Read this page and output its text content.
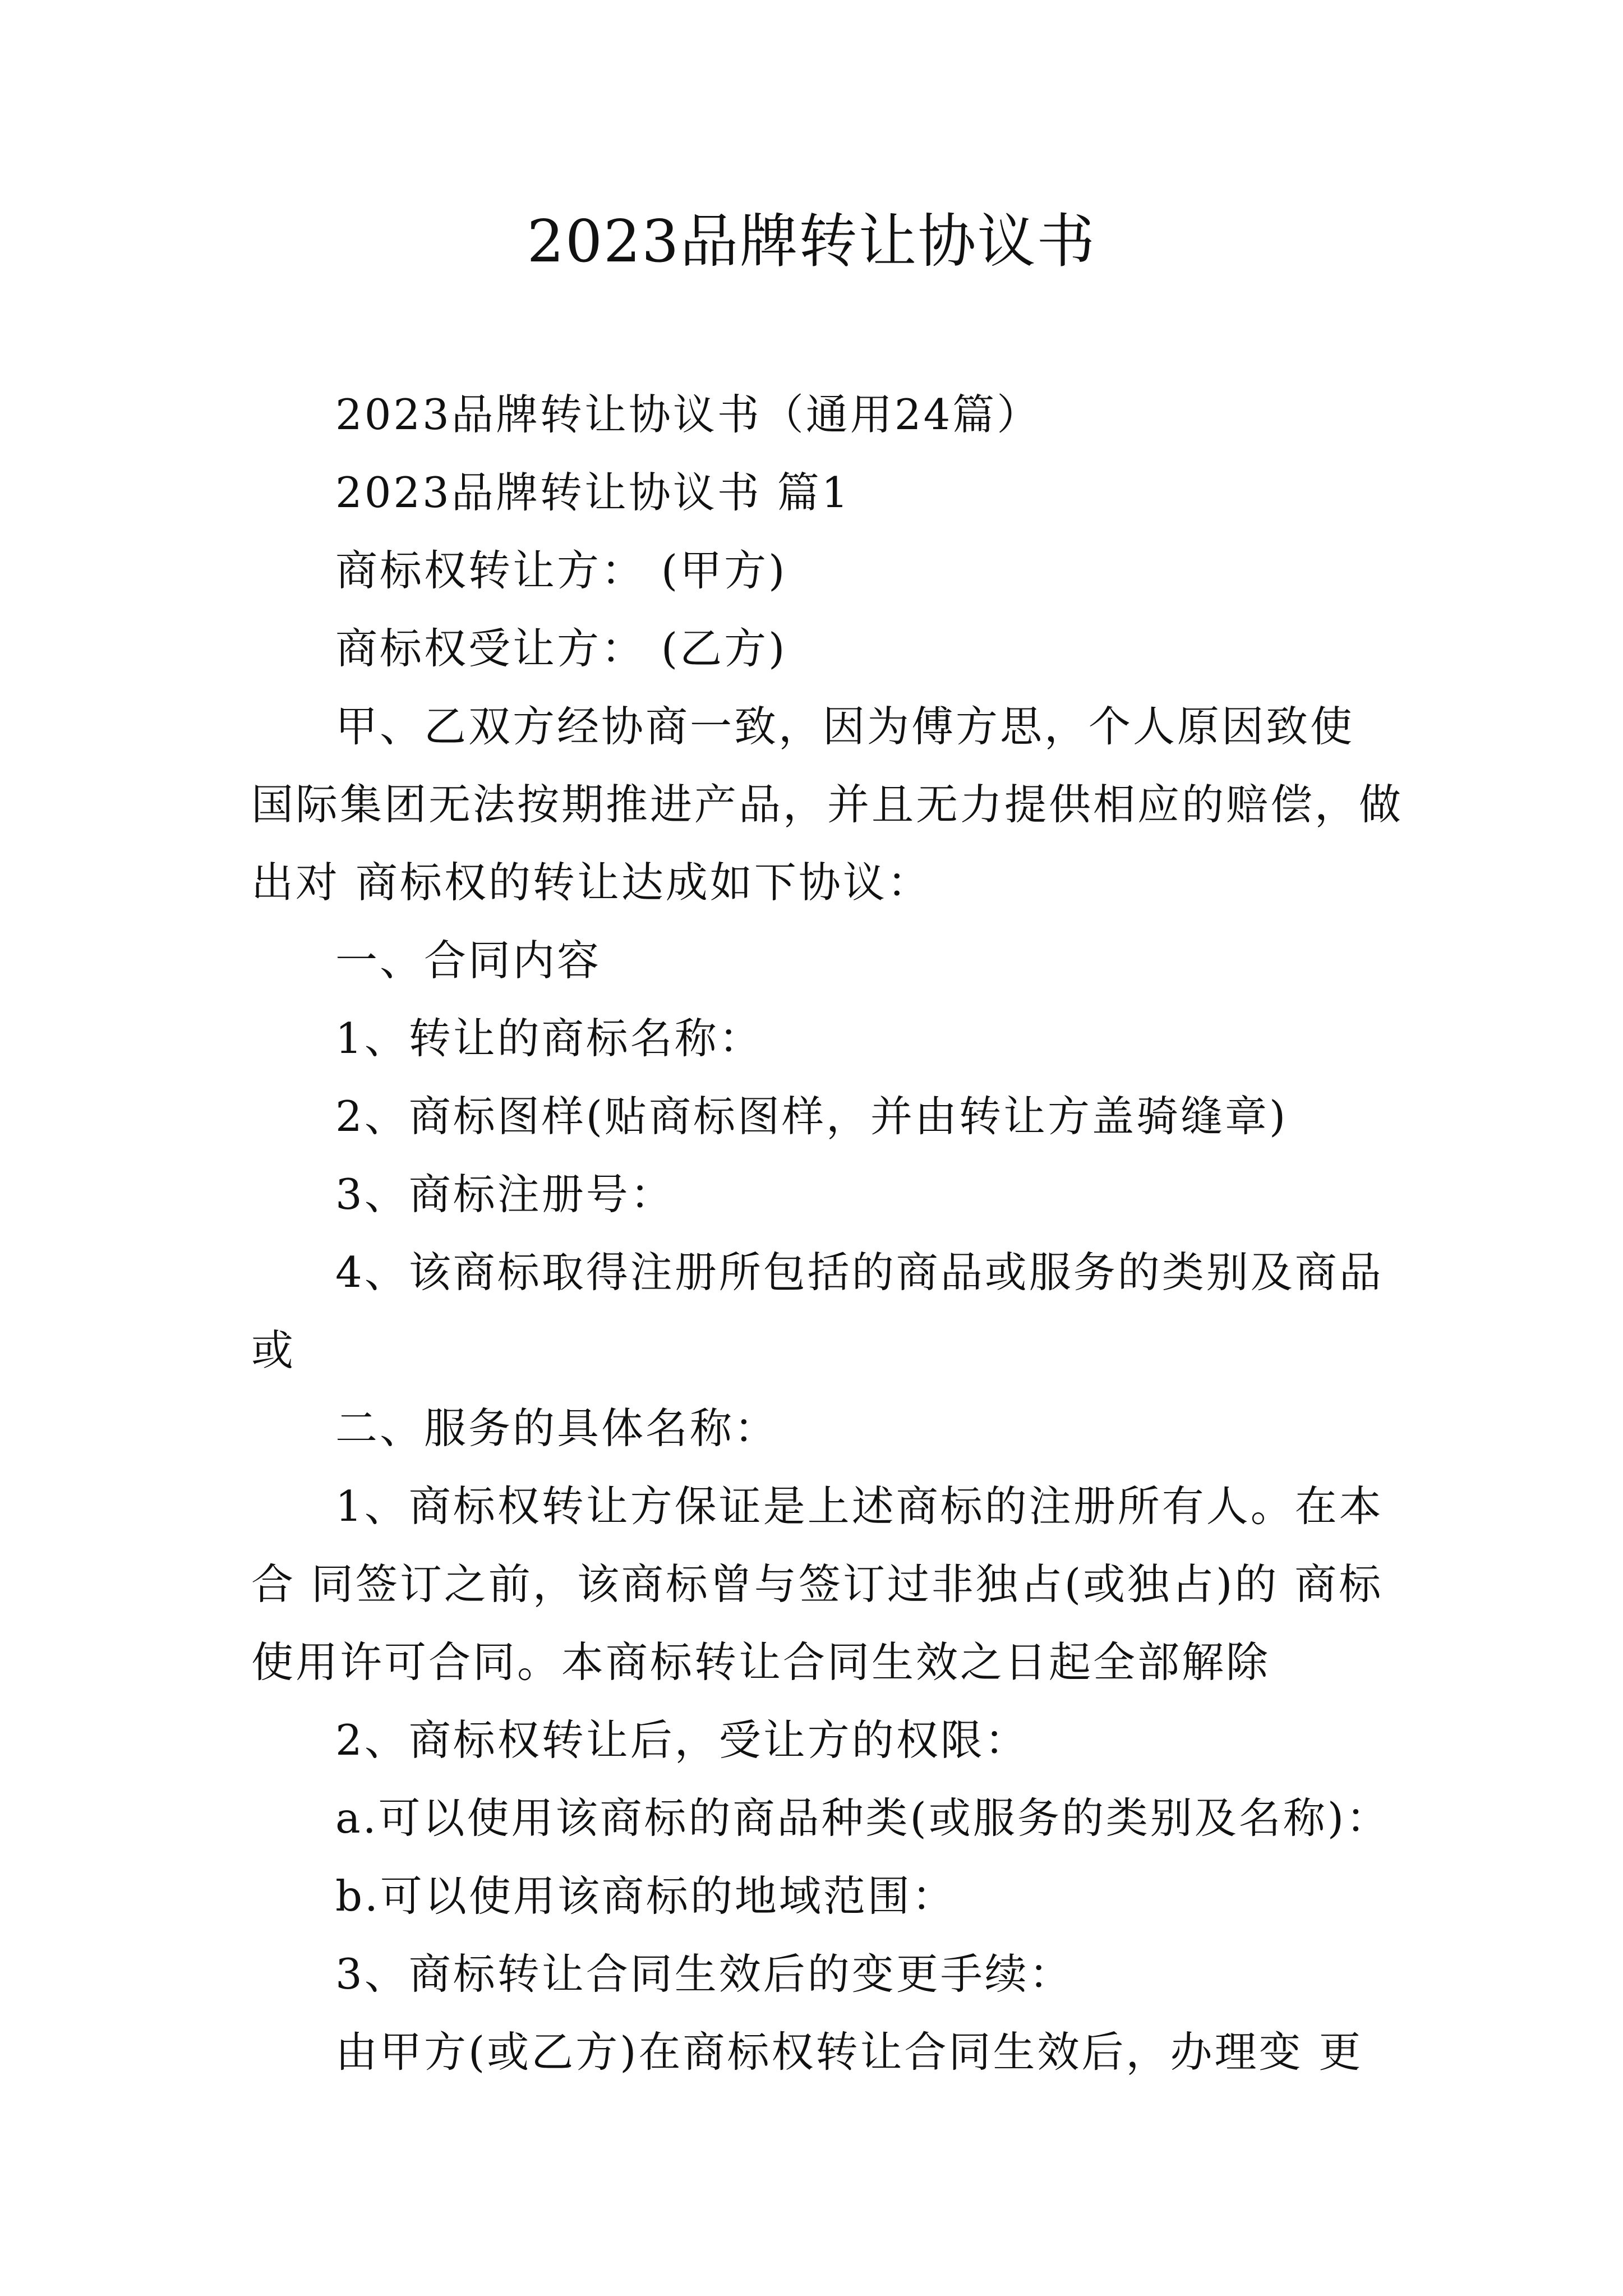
2023品牌转让协议书
2023品牌转让协议书（通用24篇）
2023品牌转让协议书 篇1
商标权转让方： (甲方)
商标权受让方： (乙方)
甲、乙双方经协商一致，因为傅方思，个人原因致使
国际集团无法按期推进产品，并且无力提供相应的赔偿，做
出对 商标权的转让达成如下协议：
一、合同内容
1、转让的商标名称：
2、商标图样(贴商标图样，并由转让方盖骑缝章)
3、商标注册号：
4、该商标取得注册所包括的商品或服务的类别及商品
或
二、服务的具体名称：
1、商标权转让方保证是上述商标的注册所有人。在本
合 同签订之前，该商标曾与签订过非独占(或独占)的 商标
使用许可合同。本商标转让合同生效之日起全部解除
2、商标权转让后，受让方的权限：
a.可以使用该商标的商品种类(或服务的类别及名称)：
b.可以使用该商标的地域范围：
3、商标转让合同生效后的变更手续：
由甲方(或乙方)在商标权转让合同生效后，办理变 更
